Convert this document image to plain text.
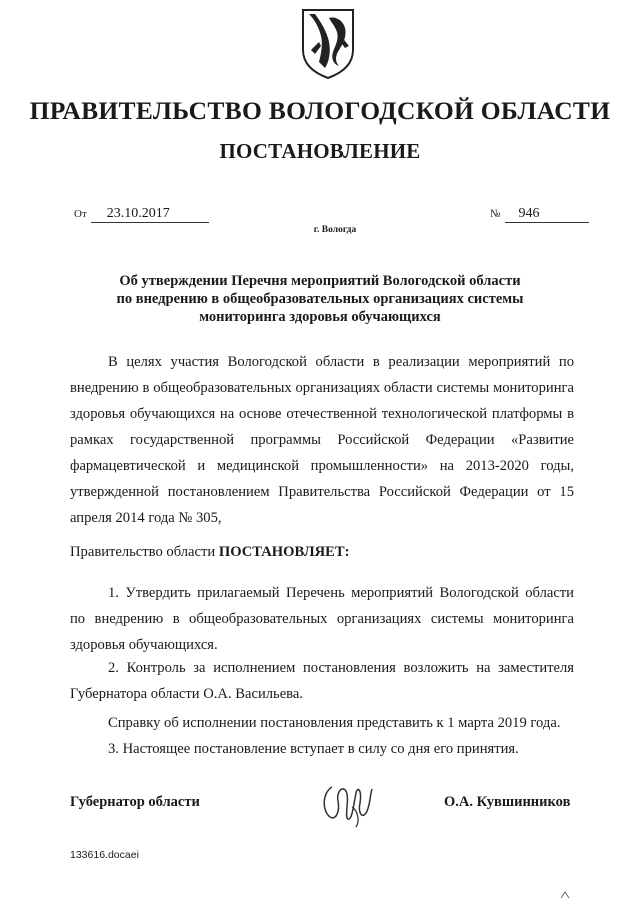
ПРАВИТЕЛЬСТВО ВОЛОГОДСКОЙ ОБЛАСТИ
ПОСТАНОВЛЕНИЕ
От 23.10.2017	№ 946
г. Вологда
Об утверждении Перечня мероприятий Вологодской области
по внедрению в общеобразовательных организациях системы
мониторинга здоровья обучающихся

В целях участия Вологодской области в реализации мероприятий по внедрению в общеобразовательных организациях области системы мониторинга здоровья обучающихся на основе отечественной технологической платформы в рамках государственной программы Российской Федерации «Развитие фармацевтической и медицинской промышленности» на 2013-2020 годы, утвержденной постановлением Правительства Российской Федерации от 15 апреля 2014 года № 305,

Правительство области ПОСТАНОВЛЯЕТ:

1. Утвердить прилагаемый Перечень мероприятий Вологодской области по внедрению в общеобразовательных организациях системы мониторинга здоровья обучающихся.

2. Контроль за исполнением постановления возложить на заместителя Губернатора области О.А. Васильева.

Справку об исполнении постановления представить к 1 марта 2019 года.

3. Настоящее постановление вступает в силу со дня его принятия.

Губернатор области	О.А. Кувшинников
133616.docaei
